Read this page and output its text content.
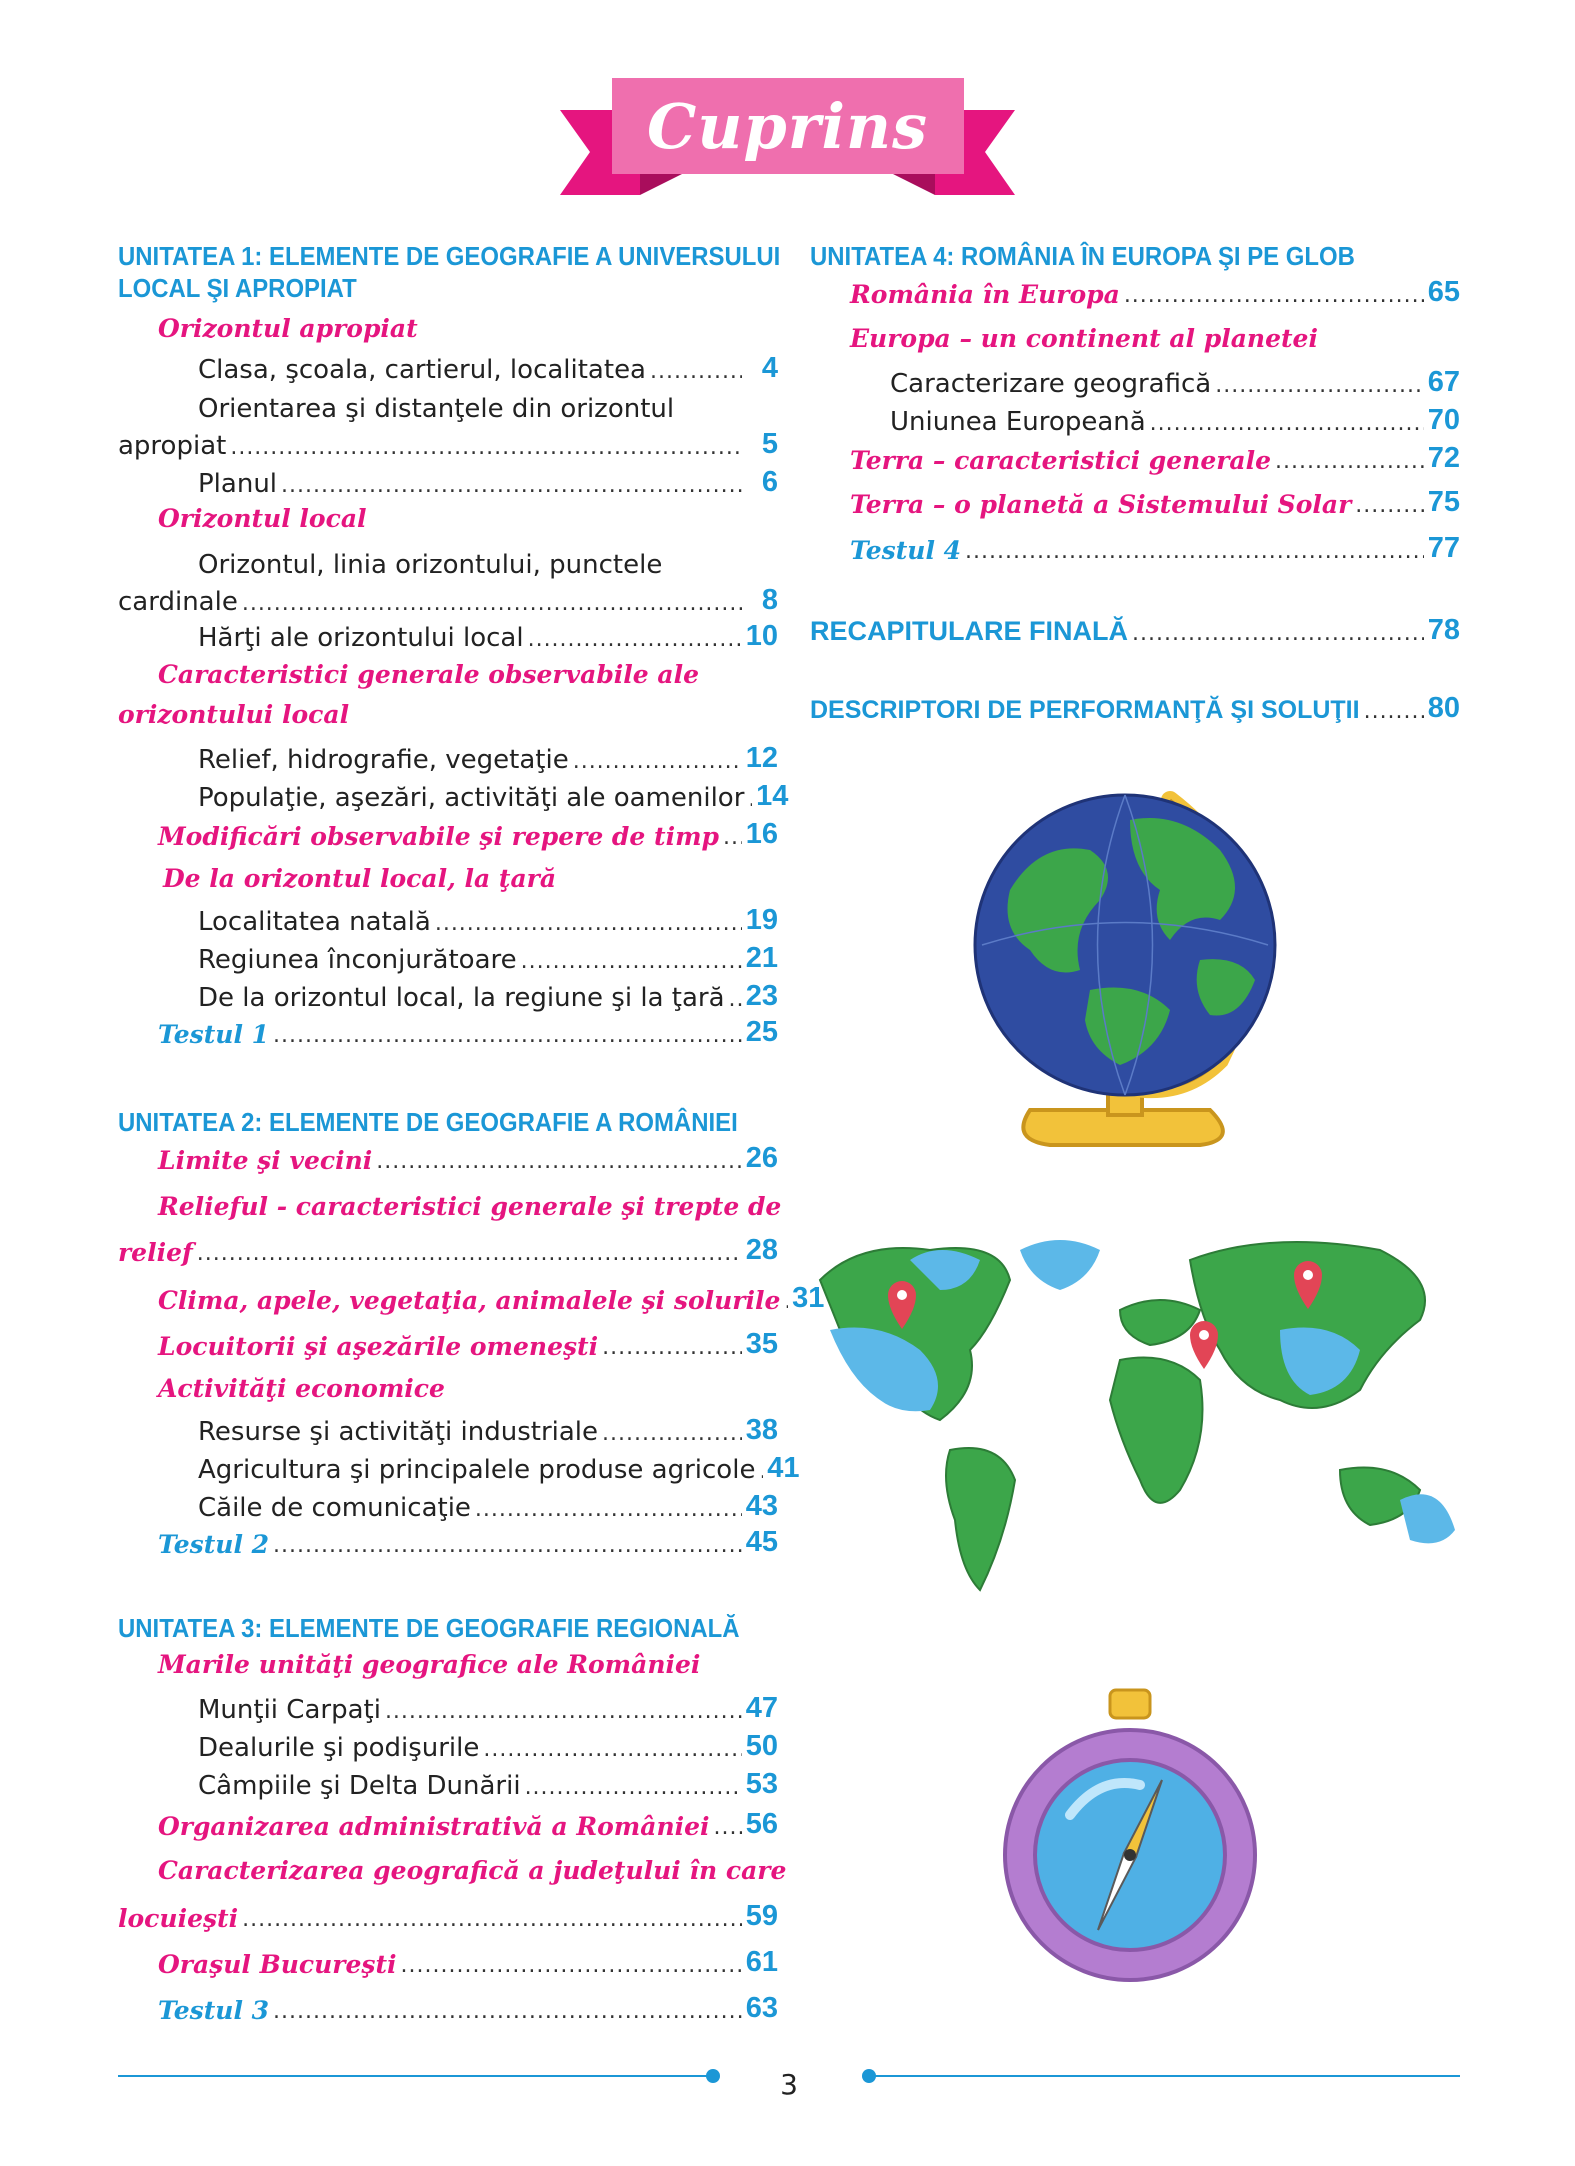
Cuprins
UNITATEA 1: ELEMENTE DE GEOGRAFIE A UNIVERSULUI
LOCAL ŞI APROPIAT
Orizontul apropiat
Clasa, şcoala, cartierul, localitatea .....	4
Orientarea şi distanţele din orizontul
apropiat .....	5
Planul .....	6
Orizontul local
Orizontul, linia orizontului, punctele
cardinale .....	8
Hărţi ale orizontului local .....	10
Caracteristici generale observabile ale
orizontului local
Relief, hidrografie, vegetaţie .....	12
Populaţie, aşezări, activităţi ale oamenilor ..... 14
Modificări observabile şi repere de timp ..... 16
De la orizontul local, la ţară
Localitatea natală .....	19
Regiunea înconjurătoare .....	21
De la orizontul local, la regiune şi la ţară ..... 23
Testul 1 .....	25
UNITATEA 2: ELEMENTE DE GEOGRAFIE A ROMÂNIEI
Limite şi vecini .....	26
Relieful - caracteristici generale şi trepte de
relief .....	28
Clima, apele, vegetaţia, animalele şi solurile ..... 31
Locuitorii şi aşezările omeneşti .....	35
Activităţi economice
Resurse şi activităţi industriale .....	38
Agricultura şi principalele produse agricole ..... 41
Căile de comunicaţie .....	43
Testul 2 .....	45
UNITATEA 3: ELEMENTE DE GEOGRAFIE REGIONALĂ
Marile unităţi geografice ale României
Munţii Carpaţi .....	47
Dealurile şi podişurile .....	50
Câmpiile şi Delta Dunării .....	53
Organizarea administrativă a României ..... 56
Caracterizarea geografică a judeţului în care
locuieşti .....	59
Oraşul Bucureşti .....	61
Testul 3 .....	63
UNITATEA 4: ROMÂNIA ÎN EUROPA ŞI PE GLOB
România în Europa .....	65
Europa – un continent al planetei
Caracterizare geografică .....	67
Uniunea Europeană .....	70
Terra – caracteristici generale .....	72
Terra – o planetă a Sistemului Solar .....	75
Testul 4 .....	77
RECAPITULARE FINALĂ .....	78
DESCRIPTORI DE PERFORMANŢĂ ŞI SOLUŢII ..... 80
3
